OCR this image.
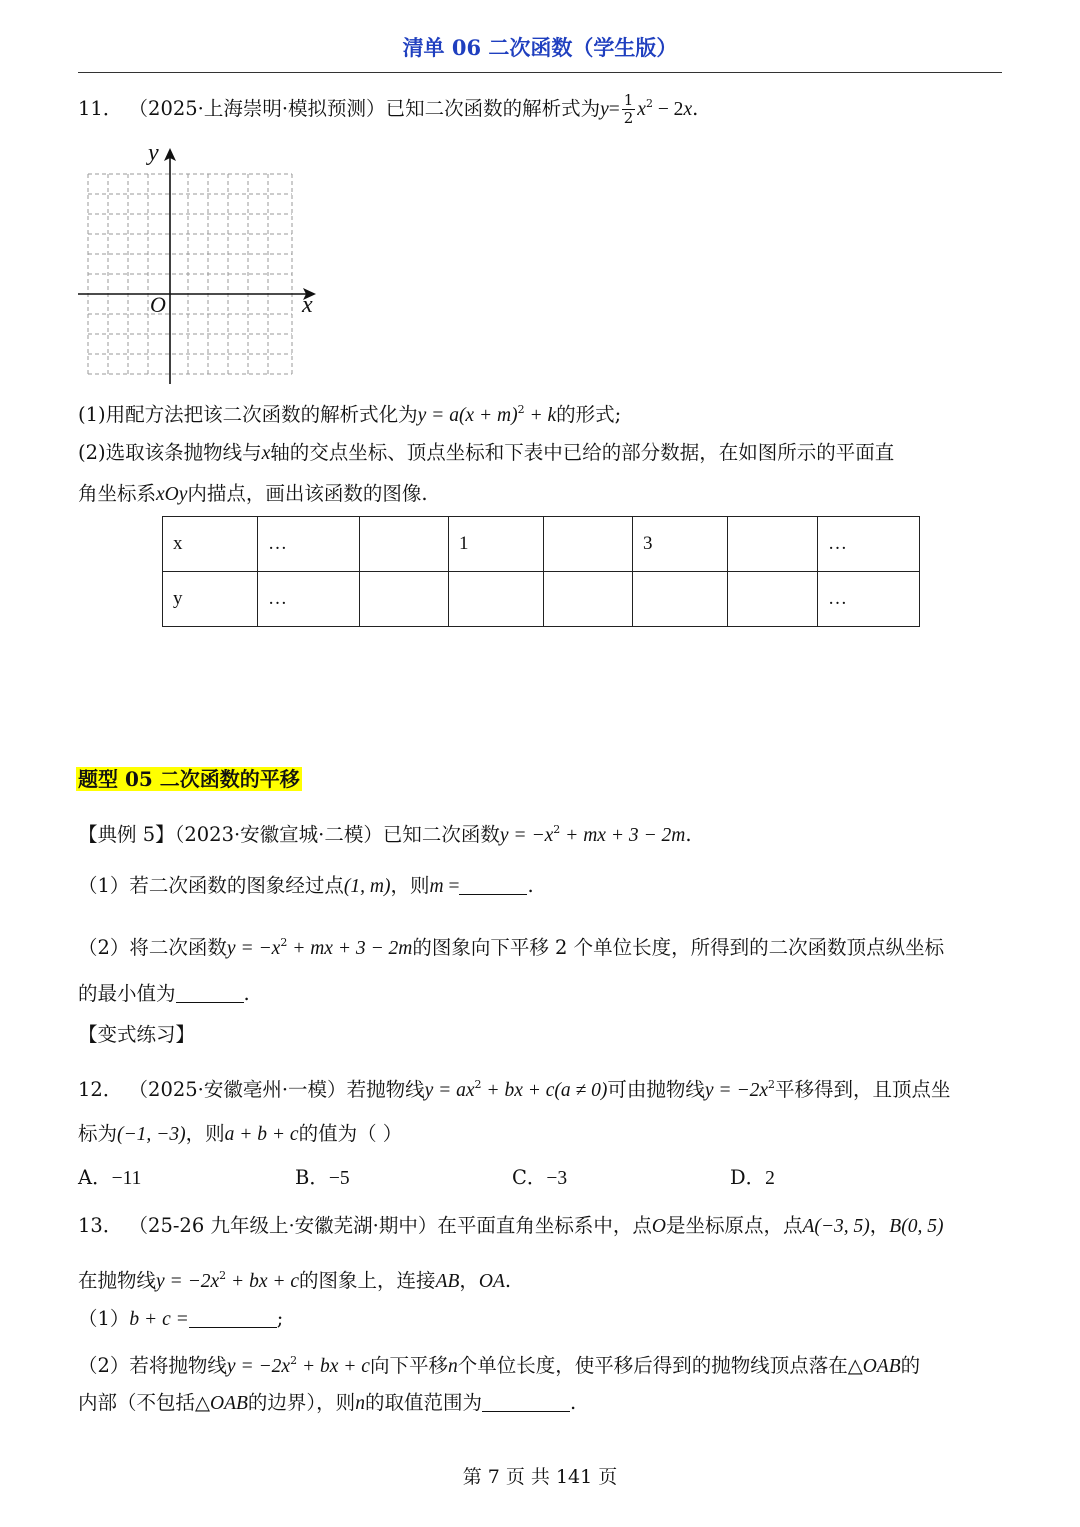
清单 06 二次函数（学生版）
11． （2025·上海崇明·模拟预测）已知二次函数的解析式为$y= \frac{1}{2} x^2 - 2x$.
y
x
O
(1)用配方法把该二次函数的解析式化为$y = a(x + m)^2 + k$的形式;
(2)选取该条抛物线与x轴的交点坐标、顶点坐标和下表中已给的部分数据，在如图所示的平面直
角坐标系xOy内描点，画出该函数的图像.
x	…		1		3		…
y	…						…
题型 05 二次函数的平移
【典例 5】（2023·安徽宣城·二模）已知二次函数$y = -x^2$ + mx + 3 − 2m.
（1）若二次函数的图象经过点(1, m)，则m =	.
（2）将二次函数$y = -x^2$ + mx + 3 − 2m的图象向下平移 2 个单位长度，所得到的二次函数顶点纵坐标
的最小值为	.
【变式练习】
12． （2025·安徽亳州·一模）若抛物线$y = ax^2$ + bx + c(a ≠ 0)可由抛物线$y = -2x^2$平移得到，且顶点坐
标为(−1, −3)，则a + b + c的值为（ ）
A．−11	B．−5	C．−3	D．2
13． （25-26 九年级上·安徽芜湖·期中）在平面直角坐标系中，点O是坐标原点，点A(−3, 5)，B(0, 5)
在抛物线$y = -2x^2$ + bx + c的图象上，连接AB，OA.
（1）b + c =	;
（2）若将抛物线$y = -2x^2$ + bx + c向下平移n个单位长度，使平移后得到的抛物线顶点落在△OAB的
内部（不包括△OAB的边界），则n的取值范围为	.
第 7 页 共 141 页
